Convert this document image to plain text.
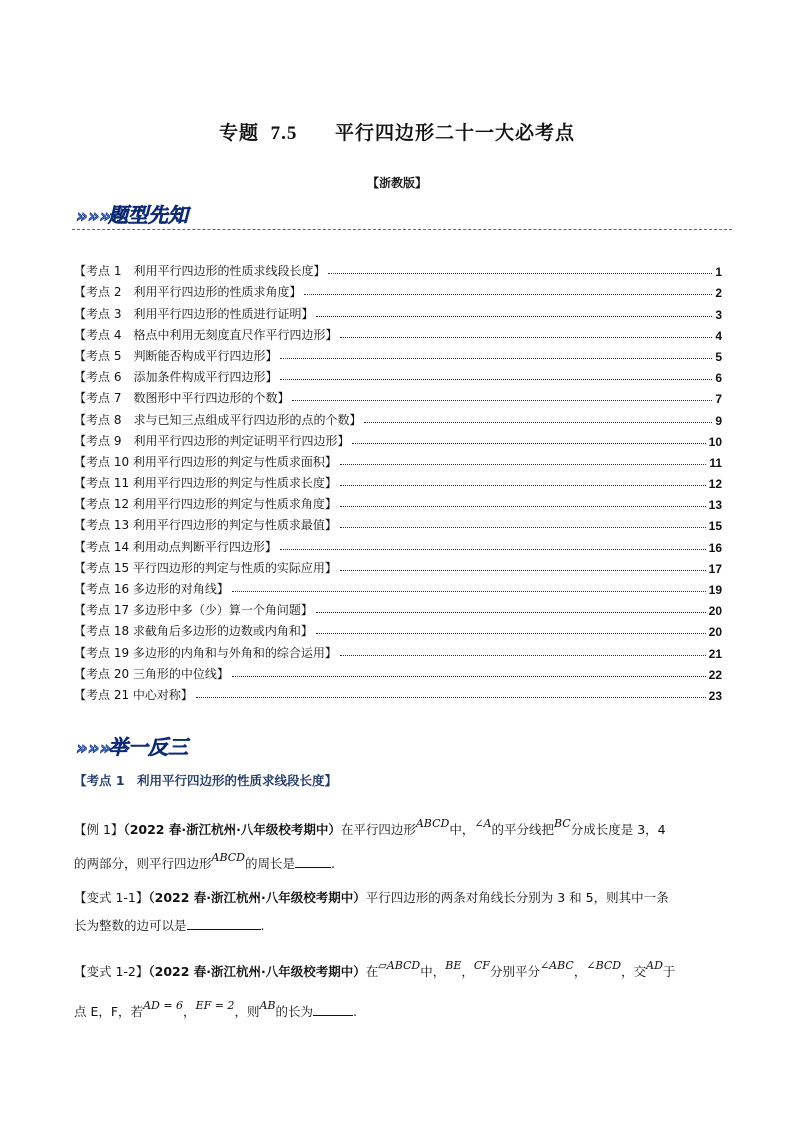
专题 7.5 平行四边形二十一大必考点
【浙教版】
»»»
题型先知
【考点 1　利用平行四边形的性质求线段长度】	1
【考点 2　利用平行四边形的性质求角度】	2
【考点 3　利用平行四边形的性质进行证明】	3
【考点 4　格点中利用无刻度直尺作平行四边形】	4
【考点 5　判断能否构成平行四边形】	5
【考点 6　添加条件构成平行四边形】	6
【考点 7　数图形中平行四边形的个数】	7
【考点 8　求与已知三点组成平行四边形的点的个数】	9
【考点 9　利用平行四边形的判定证明平行四边形】	10
【考点 10 利用平行四边形的判定与性质求面积】	11
【考点 11 利用平行四边形的判定与性质求长度】	12
【考点 12 利用平行四边形的判定与性质求角度】	13
【考点 13 利用平行四边形的判定与性质求最值】	15
【考点 14 利用动点判断平行四边形】	16
【考点 15 平行四边形的判定与性质的实际应用】	17
【考点 16 多边形的对角线】	19
【考点 17 多边形中多（少）算一个角问题】	20
【考点 18 求截角后多边形的边数或内角和】	20
【考点 19 多边形的内角和与外角和的综合运用】	21
【考点 20 三角形的中位线】	22
【考点 21 中心对称】	23
»»»
举一反三
【考点 1　利用平行四边形的性质求线段长度】
【例 1】（2022 春·浙江杭州·八年级校考期中）在平行四边形ABCD中，∠A的平分线把BC分成长度是 3，4
的两部分，则平行四边形ABCD的周长是	.
【变式 1-1】（2022 春·浙江杭州·八年级校考期中）平行四边形的两条对角线长分别为 3 和 5，则其中一条
长为整数的边可以是	.
【变式 1-2】（2022 春·浙江杭州·八年级校考期中）在▱ABCD中，BE，CF分别平分∠ABC，∠BCD，交AD于
点 E，F，若AD = 6，EF = 2，则AB的长为	.
